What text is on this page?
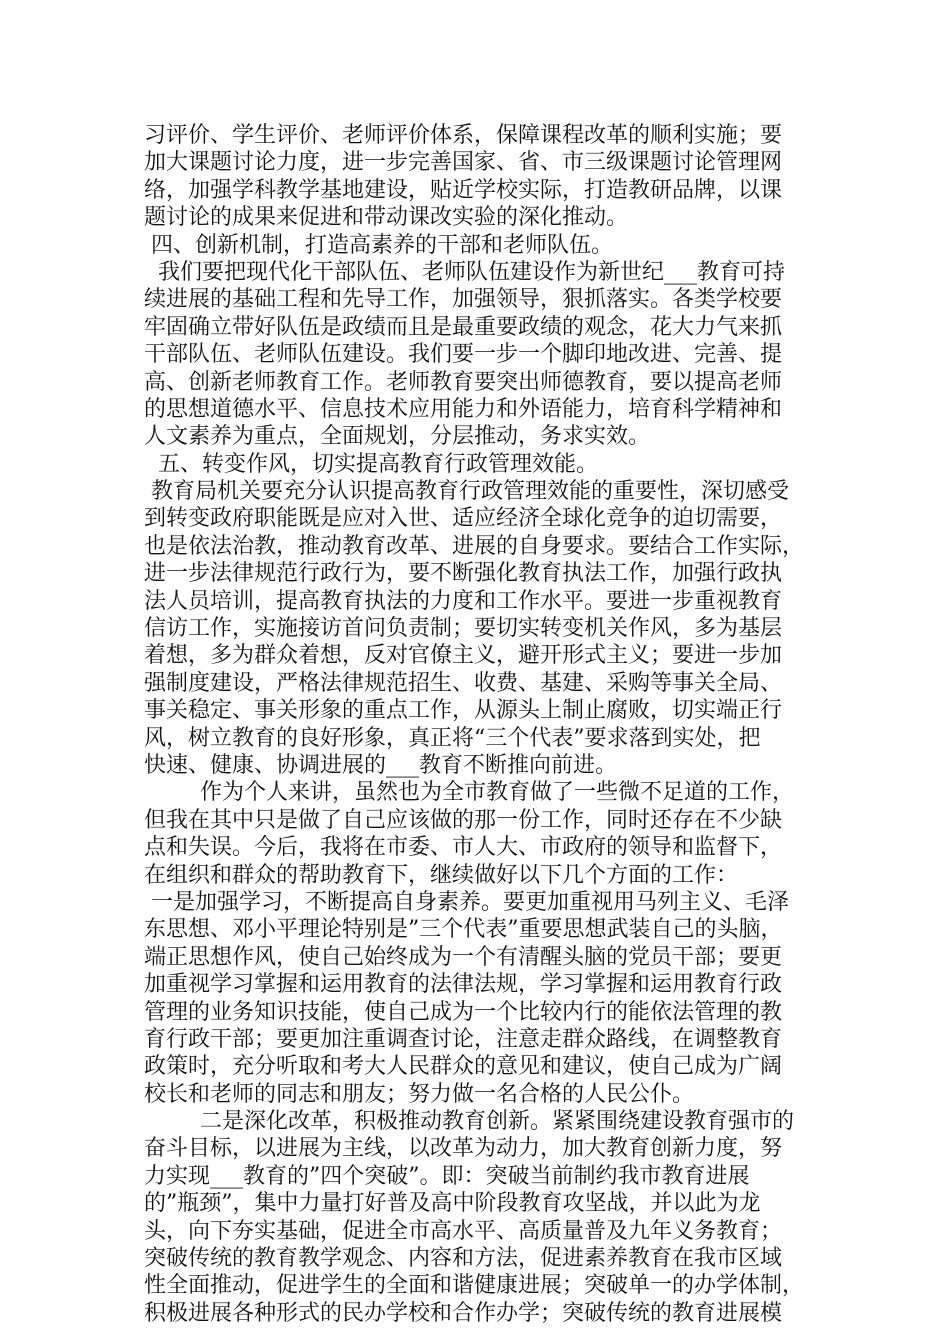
习评价、学生评价、老师评价体系，保障课程改革的顺利实施；要
加大课题讨论力度，进一步完善国家、省、市三级课题讨论管理网
络，加强学科教学基地建设，贴近学校实际，打造教研品牌，以课
题讨论的成果来促进和带动课改实验的深化推动。
四、创新机制，打造高素养的干部和老师队伍。
我们要把现代化干部队伍、老师队伍建设作为新世纪___教育可持
续进展的基础工程和先导工作，加强领导，狠抓落实。各类学校要
牢固确立带好队伍是政绩而且是最重要政绩的观念，花大力气来抓
干部队伍、老师队伍建设。我们要一步一个脚印地改进、完善、提
高、创新老师教育工作。老师教育要突出师德教育，要以提高老师
的思想道德水平、信息技术应用能力和外语能力，培育科学精神和
人文素养为重点，全面规划，分层推动，务求实效。
五、转变作风，切实提高教育行政管理效能。
教育局机关要充分认识提高教育行政管理效能的重要性，深切感受
到转变政府职能既是应对入世、适应经济全球化竞争的迫切需要，
也是依法治教，推动教育改革、进展的自身要求。要结合工作实际，
进一步法律规范行政行为，要不断强化教育执法工作，加强行政执
法人员培训，提高教育执法的力度和工作水平。要进一步重视教育
信访工作，实施接访首问负责制；要切实转变机关作风，多为基层
着想，多为群众着想，反对官僚主义，避开形式主义；要进一步加
强制度建设，严格法律规范招生、收费、基建、采购等事关全局、
事关稳定、事关形象的重点工作，从源头上制止腐败，切实端正行
风，树立教育的良好形象，真正将“三个代表”要求落到实处，把
快速、健康、协调进展的___教育不断推向前进。
作为个人来讲，虽然也为全市教育做了一些微不足道的工作，
但我在其中只是做了自己应该做的那一份工作，同时还存在不少缺
点和失误。今后，我将在市委、市人大、市政府的领导和监督下，
在组织和群众的帮助教育下，继续做好以下几个方面的工作：
一是加强学习，不断提高自身素养。要更加重视用马列主义、毛泽
东思想、邓小平理论特别是”三个代表”重要思想武装自己的头脑，
端正思想作风，使自己始终成为一个有清醒头脑的党员干部；要更
加重视学习掌握和运用教育的法律法规，学习掌握和运用教育行政
管理的业务知识技能，使自己成为一个比较内行的能依法管理的教
育行政干部；要更加注重调查讨论，注意走群众路线，在调整教育
政策时，充分听取和考大人民群众的意见和建议，使自己成为广阔
校长和老师的同志和朋友；努力做一名合格的人民公仆。
二是深化改革，积极推动教育创新。紧紧围绕建设教育强市的
奋斗目标，以进展为主线，以改革为动力，加大教育创新力度，努
力实现___教育的”四个突破”。即：突破当前制约我市教育进展
的”瓶颈”，集中力量打好普及高中阶段教育攻坚战，并以此为龙
头，向下夯实基础，促进全市高水平、高质量普及九年义务教育；
突破传统的教育教学观念、内容和方法，促进素养教育在我市区域
性全面推动，促进学生的全面和谐健康进展；突破单一的办学体制，
积极进展各种形式的民办学校和合作办学；突破传统的教育进展模
